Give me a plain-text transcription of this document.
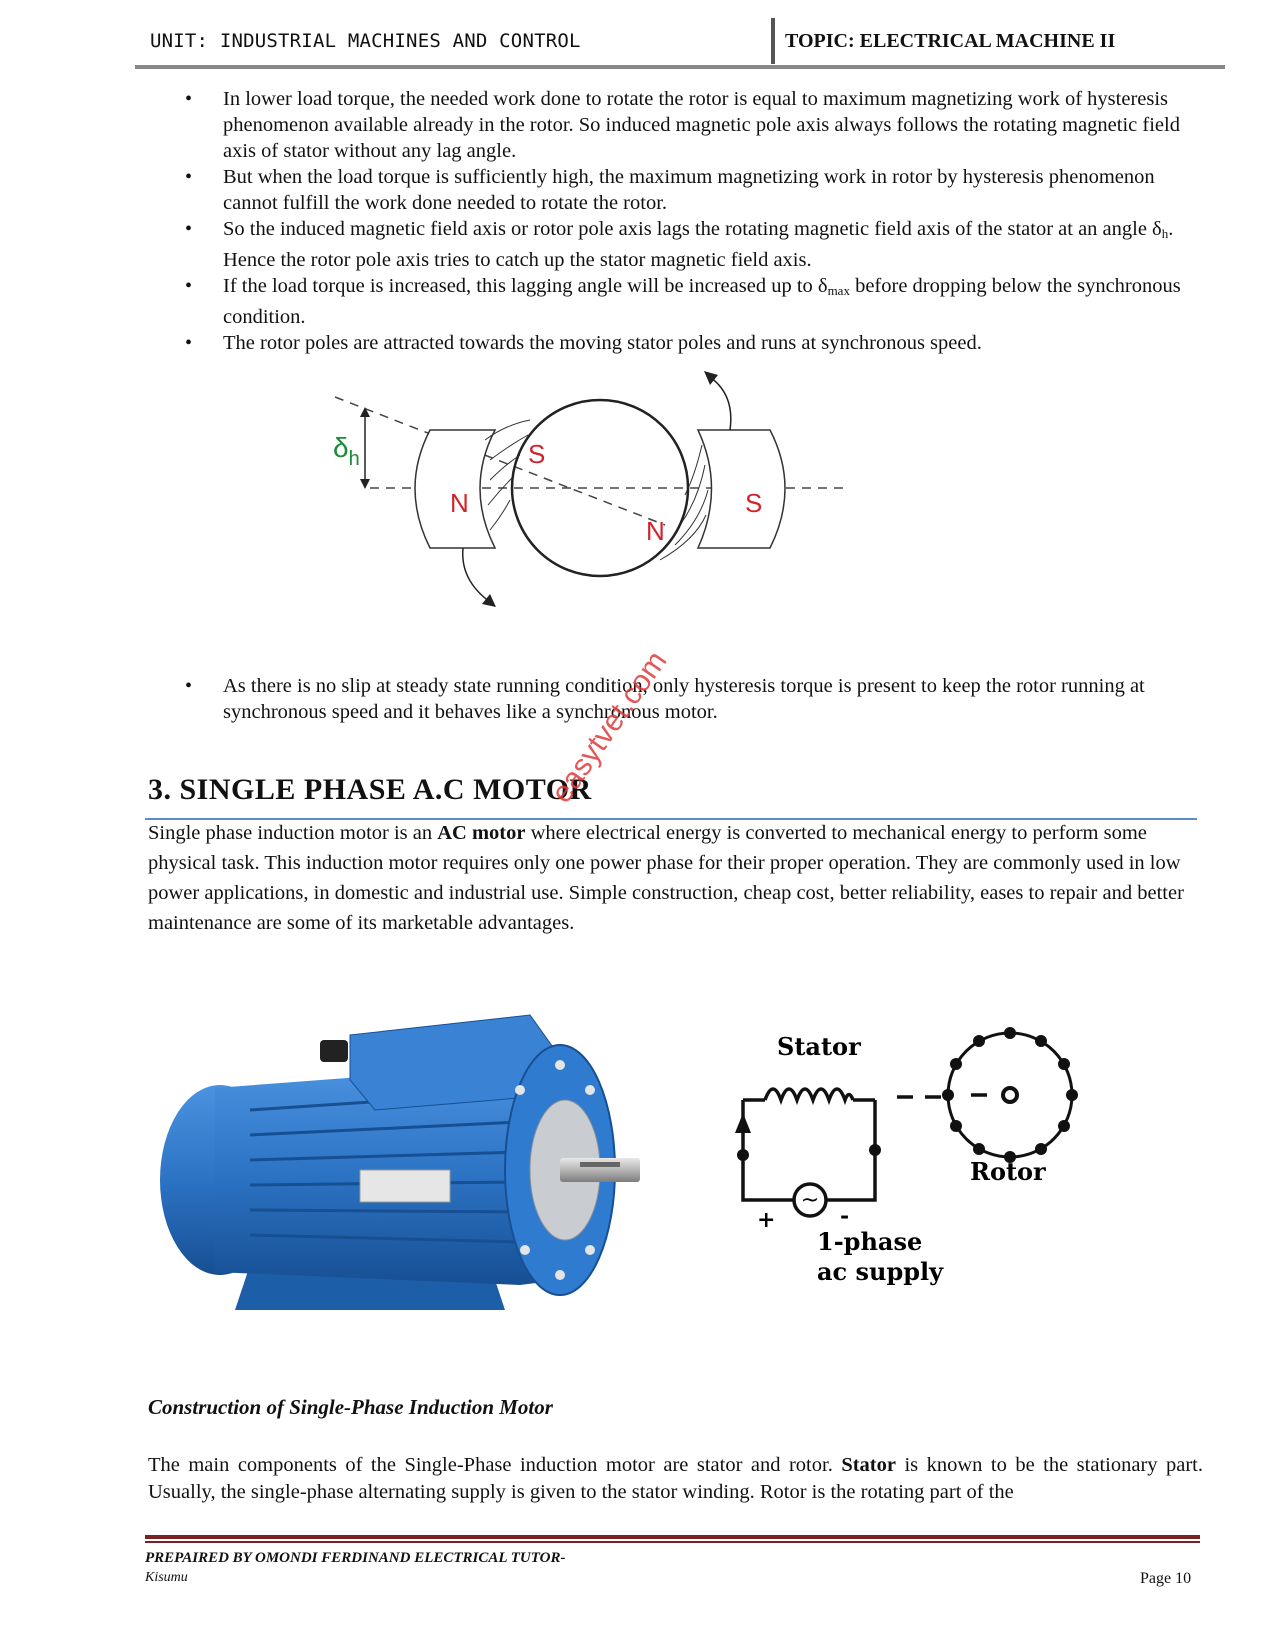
UNIT: INDUSTRIAL MACHINES AND CONTROL	TOPIC: ELECTRICAL MACHINE II
• In lower load torque, the needed work done to rotate the rotor is equal to maximum magnetizing work of hysteresis phenomenon available already in the rotor. So induced magnetic pole axis always follows the rotating magnetic field axis of stator without any lag angle.
• But when the load torque is sufficiently high, the maximum magnetizing work in rotor by hysteresis phenomenon cannot fulfill the work done needed to rotate the rotor.
• So the induced magnetic field axis or rotor pole axis lags the rotating magnetic field axis of the stator at an angle $\delta_h$. Hence the rotor pole axis tries to catch up the stator magnetic field axis.
• If the load torque is increased, this lagging angle will be increased up to $\delta_{max}$ before dropping below the synchronous condition.
• The rotor poles are attracted towards the moving stator poles and runs at synchronous speed.
$\delta_h$
N	S
S
N
• As there is no slip at steady state running condition, only hysteresis torque is present to keep the rotor running at synchronous speed and it behaves like a synchronous motor.
3. SINGLE PHASE A.C MOTOR

Single phase induction motor is an AC motor where electrical energy is converted to mechanical energy to perform some physical task. This induction motor requires only one power phase for their proper operation. They are commonly used in low power applications, in domestic and industrial use. Simple construction, cheap cost, better reliability, eases to repair and better maintenance are some of its marketable advantages.

easytvet.com
~
+	-
Stator
Rotor
1-phase
ac supply
Construction of Single-Phase Induction Motor

The main components of the Single-Phase induction motor are stator and rotor. Stator is known to be the stationary part. Usually, the single-phase alternating supply is given to the stator winding. Rotor is the rotating part of the

PREPAIRED BY OMONDI FERDINAND ELECTRICAL TUTOR-
Kisumu	Page 10
